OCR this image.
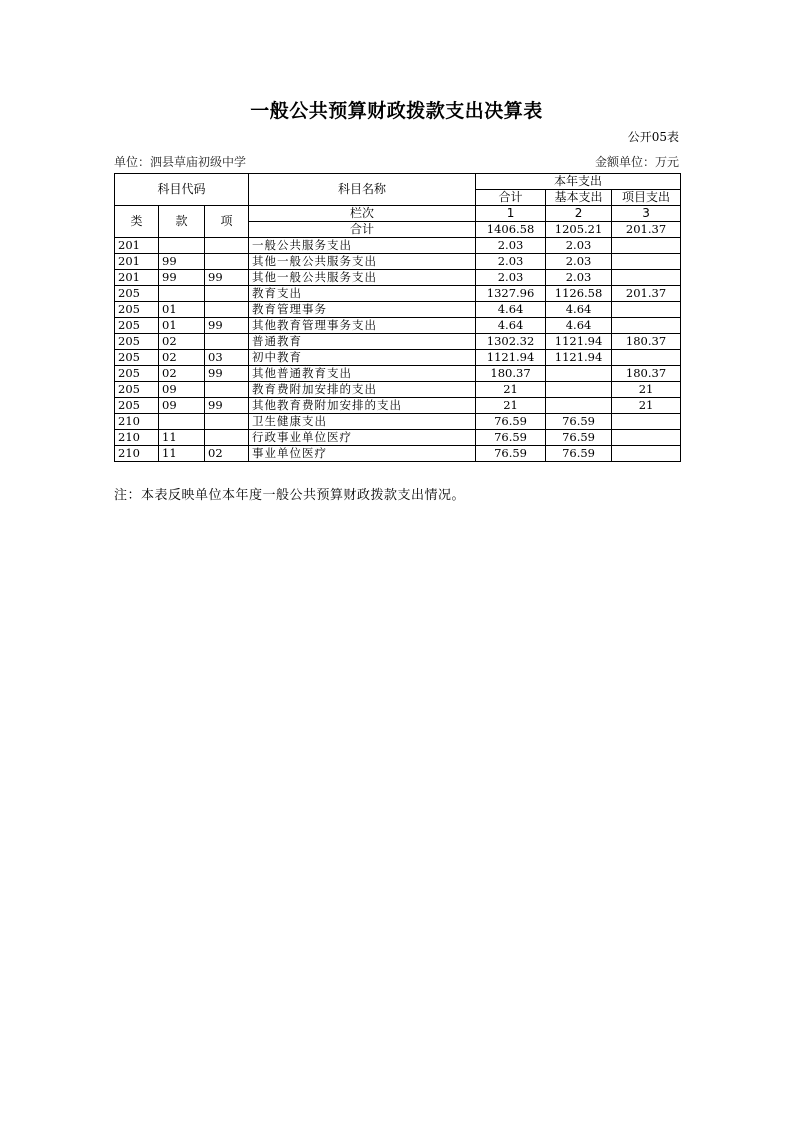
一般公共预算财政拨款支出决算表
公开05表
单位：泗县草庙初级中学	金额单位：万元
科目代码			科目名称	本年支出		
				合计	基本支出	项目支出
类	款	项	栏次	1	2	3
			合计	1406.58	1205.21	201.37
201			一般公共服务支出	2.03	2.03	
201	99		其他一般公共服务支出	2.03	2.03	
201	99	99	其他一般公共服务支出	2.03	2.03	
205			教育支出	1327.96	1126.58	201.37
205	01		教育管理事务	4.64	4.64	
205	01	99	其他教育管理事务支出	4.64	4.64	
205	02		普通教育	1302.32	1121.94	180.37
205	02	03	初中教育	1121.94	1121.94	
205	02	99	其他普通教育支出	180.37		180.37
205	09		教育费附加安排的支出	21		21
205	09	99	其他教育费附加安排的支出	21		21
210			卫生健康支出	76.59	76.59	
210	11		行政事业单位医疗	76.59	76.59	
210	11	02	事业单位医疗	76.59	76.59	
注：本表反映单位本年度一般公共预算财政拨款支出情况。
